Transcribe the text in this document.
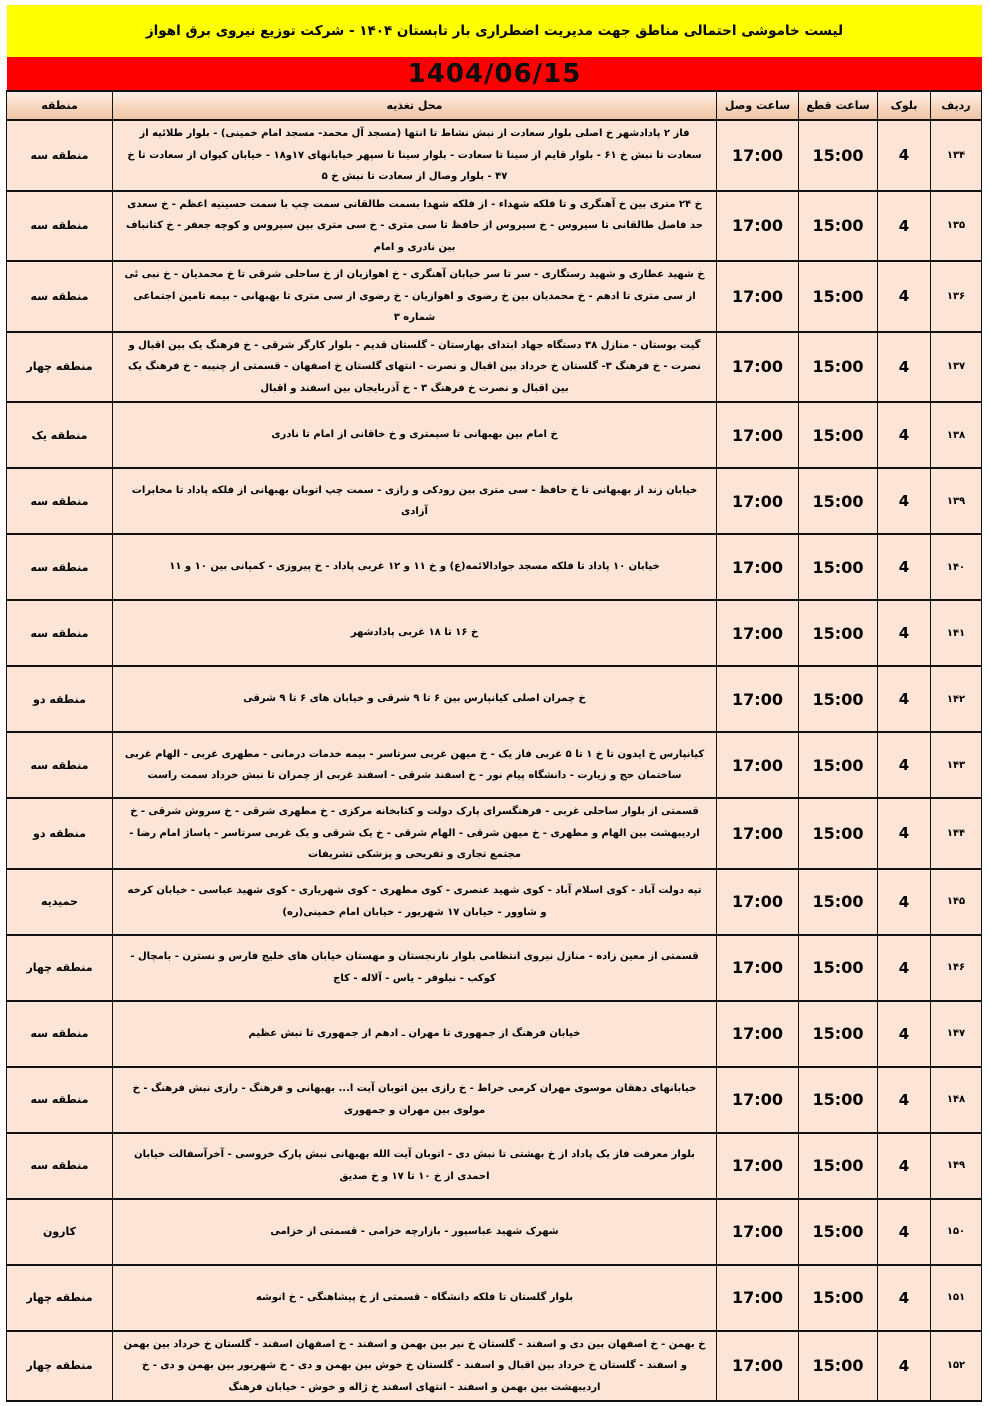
لیست خاموشی احتمالی مناطق جهت مدیریت اضطراری بار تابستان ۱۴۰۴ - شرکت توزیع نیروی برق اهواز
1404/06/15
ردیف	بلوک	ساعت قطع	ساعت وصل	محل تغذیه	منطقه
۱۳۴	4	15:00	17:00	فاز ۲ پادادشهر خ اصلی بلوار سعادت از نبش نشاط تا انتها (مسجد آل محمد- مسجد امام خمینی) - بلوار طلائیه از سعادت تا نبش خ ۶۱ - بلوار قایم از سینا تا سعادت - بلوار سینا تا سپهر خیابانهای ۱۷و۱۸ - خیابان کیوان از سعادت تا خ ۴۷ - بلوار وصال از سعادت تا نبش خ ۵	منطقه سه
۱۳۵	4	15:00	17:00	خ ۲۴ متری بین خ آهنگری و تا فلکه شهداء - از فلکه شهدا بسمت طالقانی سمت چپ با سمت حسینیه اعظم - خ سعدی حد فاصل طالقانی تا سیروس - خ سیروس از حافظ تا سی متری - خ سی متری بین سیروس و کوچه جعفر - خ کتانباف بین نادری و امام	منطقه سه
۱۳۶	4	15:00	17:00	خ شهید عطاری و شهید رستگاری - سر تا سر خیابان آهنگری - خ اهوازیان از خ ساحلی شرقی تا خ محمدیان - خ نبی ئی از سی متری تا ادهم - خ محمدیان بین خ رضوی و اهوازیان - خ رضوی از سی متری تا بهبهانی - بیمه تامین اجتماعی شماره ۳	منطقه سه
۱۳۷	4	15:00	17:00	گیت بوستان - منازل ۳۸ دستگاه جهاد ابتدای بهارستان - گلستان قدیم - بلوار کارگر شرقی - خ فرهنگ یک بین اقبال و نصرت - خ فرهنگ ۳- گلستان خ خرداد بین اقبال و نصرت - انتهای گلستان خ اصفهان - قسمتی از چنیبه - خ فرهنگ یک بین اقبال و نصرت خ فرهنگ ۳ - خ آذربایجان بین اسفند و اقبال	منطقه چهار
۱۳۸	4	15:00	17:00	خ امام بین بهبهانی تا سیمتری و خ خاقانی از امام تا نادری	منطقه یک
۱۳۹	4	15:00	17:00	خیابان زند از بهبهانی تا خ حافظ - سی متری بین رودکی و رازی - سمت چپ اتوبان بهبهانی از فلکه پاداد تا مخابرات آزادی	منطقه سه
۱۴۰	4	15:00	17:00	خیابان ۱۰ پاداد تا فلکه مسجد جوادالائمه(ع) و خ ۱۱ و ۱۲ غربی پاداد - خ پیروزی - کمپانی بین ۱۰ و ۱۱	منطقه سه
۱۴۱	4	15:00	17:00	خ ۱۶ تا ۱۸ غربی پادادشهر	منطقه سه
۱۴۲	4	15:00	17:00	خ چمران اصلی کیانپارس بین ۶ تا ۹ شرقی و خیابان های ۶ تا ۹ شرقی	منطقه دو
۱۴۳	4	15:00	17:00	کیانپارس خ ایدون تا خ ۱ تا ۵ غربی فاز یک - خ میهن غربی سرتاسر - بیمه خدمات درمانی - مطهری غربی - الهام غربی ساختمان حج و زیارت - دانشگاه پیام نور - خ اسفند شرقی - اسفند غربی از چمران تا نبش خرداد سمت راست	منطقه سه
۱۴۴	4	15:00	17:00	قسمتی از بلوار ساحلی غربی - فرهنگسرای پارک دولت و کتابخانه مرکزی - خ مطهری شرقی - خ سروش شرقی - خ اردیبهشت بین الهام و مطهری - خ میهن شرقی - الهام شرقی - خ یک شرقی و یک غربی سرتاسر - پاساژ امام رضا - مجتمع تجاری و تفریحی و پزشکی تشریفات	منطقه دو
۱۴۵	4	15:00	17:00	تپه دولت آباد - کوی اسلام آباد - کوی شهید عنصری - کوی مطهری - کوی شهریاری - کوی شهید عباسی - خیابان کرخه و شاوور - خیابان ۱۷ شهریور - خیابان امام خمینی(ره)	حمیدیه
۱۴۶	4	15:00	17:00	قسمتی از معین زاده - منازل نیروی انتظامی بلوار نارنجستان و مهستان خیابان های خلیج فارس و نسترن - بامچال - کوکب - نیلوفر - یاس - آلاله - کاج	منطقه چهار
۱۴۷	4	15:00	17:00	خیابان فرهنگ از جمهوری تا مهران ـ ادهم از جمهوری تا نبش عظیم	منطقه سه
۱۴۸	4	15:00	17:00	خیابانهای دهقان موسوی مهران کرمی خراط - خ رازی بین اتوبان آیت ا... بهبهانی و فرهنگ - رازی نبش فرهنگ - خ مولوی بین مهران و جمهوری	منطقه سه
۱۴۹	4	15:00	17:00	بلوار معرفت فاز یک پاداد از خ بهشتی تا نبش دی - اتوبان آیت الله بهبهانی نبش پارک خروسی - آخرآسفالت خیابان احمدی از خ ۱۰ تا ۱۷ و خ صدیق	منطقه سه
۱۵۰	4	15:00	17:00	شهرک شهید عباسپور - بازارچه خزامی - قسمتی از خزامی	کارون
۱۵۱	4	15:00	17:00	بلوار گلستان تا فلکه دانشگاه - قسمتی از خ پیشاهنگی - خ انوشه	منطقه چهار
۱۵۲	4	15:00	17:00	خ بهمن - خ اصفهان بین دی و اسفند - گلستان خ نیر بین بهمن و اسفند - خ اصفهان اسفند - گلستان خ خرداد بین بهمن و اسفند - گلستان خ خرداد بین اقبال و اسفند - گلستان خ خوش بین بهمن و دی - خ شهریور بین بهمن و دی - خ اردیبهشت بین بهمن و اسفند - انتهای اسفند خ ژاله و خوش - خیابان فرهنگ	منطقه چهار
